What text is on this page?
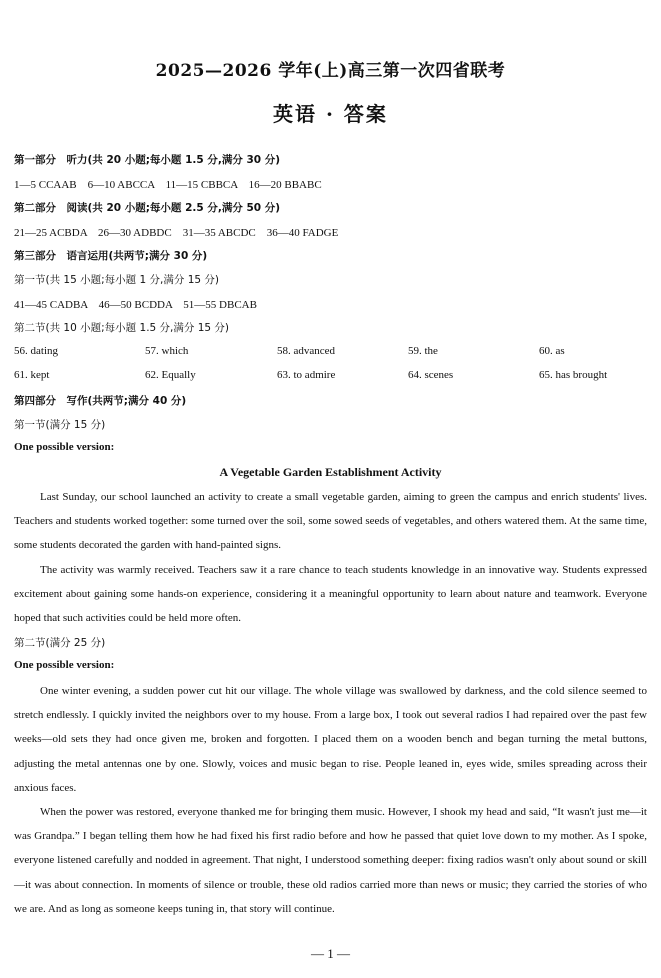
2025—2026 学年(上)高三第一次四省联考
英语 · 答案
第一部分　听力(共 20 小题;每小题 1.5 分,满分 30 分)
1—5 CCAAB　6—10 ABCCA　11—15 CBBCA　16—20 BBABC
第二部分　阅读(共 20 小题;每小题 2.5 分,满分 50 分)
21—25 ACBDA　26—30 ADBDC　31—35 ABCDC　36—40 FADGE
第三部分　语言运用(共两节;满分 30 分)
第一节(共 15 小题;每小题 1 分,满分 15 分)
41—45 CADBA　46—50 BCDDA　51—55 DBCAB
第二节(共 10 小题;每小题 1.5 分,满分 15 分)
56. dating	57. which	58. advanced	59. the	60. as
61. kept	62. Equally	63. to admire	64. scenes	65. has brought
第四部分　写作(共两节;满分 40 分)
第一节(满分 15 分)
One possible version:
A Vegetable Garden Establishment Activity

Last Sunday, our school launched an activity to create a small vegetable garden, aiming to green the campus and enrich students' lives. Teachers and students worked together: some turned over the soil, some sowed seeds of vegetables, and others watered them. At the same time, some students decorated the garden with hand-painted signs.

The activity was warmly received. Teachers saw it a rare chance to teach students knowledge in an innovative way. Students expressed excitement about gaining some hands-on experience, considering it a meaningful opportunity to learn about nature and teamwork. Everyone hoped that such activities could be held more often.

第二节(满分 25 分)
One possible version:

One winter evening, a sudden power cut hit our village. The whole village was swallowed by darkness, and the cold silence seemed to stretch endlessly. I quickly invited the neighbors over to my house. From a large box, I took out several radios I had repaired over the past few weeks—old sets they had once given me, broken and forgotten. I placed them on a wooden bench and began turning the metal buttons, adjusting the metal antennas one by one. Slowly, voices and music began to rise. People leaned in, eyes wide, smiles spreading across their anxious faces.

When the power was restored, everyone thanked me for bringing them music. However, I shook my head and said, “It wasn't just me—it was Grandpa.” I began telling them how he had fixed his first radio before and how he passed that quiet love down to my mother. As I spoke, everyone listened carefully and nodded in agreement. That night, I understood something deeper: fixing radios wasn't only about sound or skill—it was about connection. In moments of silence or trouble, these old radios carried more than news or music; they carried the stories of who we are. And as long as someone keeps tuning in, that story will continue.

— 1 —
